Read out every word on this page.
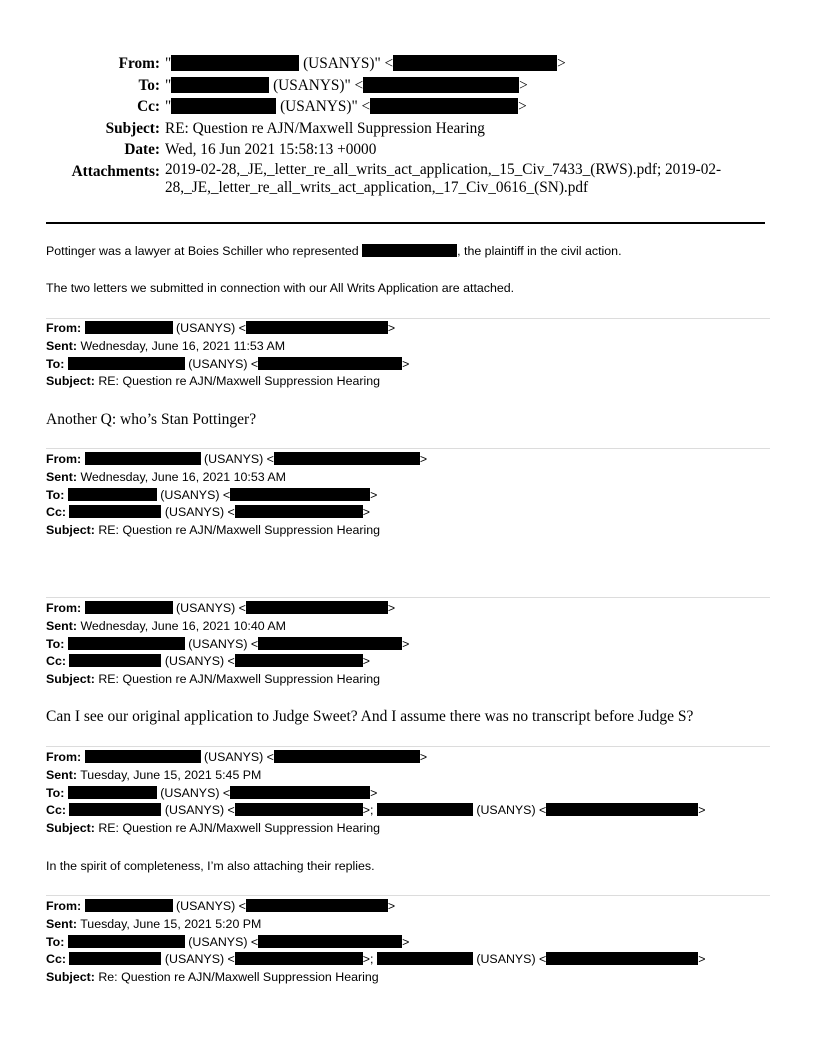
From: "	(USANYS)" <	>
To: "	(USANYS)" <	>
Cc: "	(USANYS)" <	>
Subject: RE: Question re AJN/Maxwell Suppression Hearing
Date: Wed, 16 Jun 2021 15:58:13 +0000
Attachments: 2019-02-28,_JE,_letter_re_all_writs_act_application,_15_Civ_7433_(RWS).pdf; 2019-02-
28,_JE,_letter_re_all_writs_act_application,_17_Civ_0616_(SN).pdf
Pottinger was a lawyer at Boies Schiller who represented	, the plaintiff in the civil action.
The two letters we submitted in connection with our All Writs Application are attached.
From:	(USANYS) <	>
Sent: Wednesday, June 16, 2021 11:53 AM
To:	(USANYS) <	>
Subject: RE: Question re AJN/Maxwell Suppression Hearing
Another Q: who’s Stan Pottinger?
From:	(USANYS) <	>
Sent: Wednesday, June 16, 2021 10:53 AM
To:	(USANYS) <	>
Cc:	(USANYS) <	>
Subject: RE: Question re AJN/Maxwell Suppression Hearing
From:	(USANYS) <	>
Sent: Wednesday, June 16, 2021 10:40 AM
To:	(USANYS) <	>
Cc:	(USANYS) <	>
Subject: RE: Question re AJN/Maxwell Suppression Hearing
Can I see our original application to Judge Sweet? And I assume there was no transcript before Judge S?
From:	(USANYS) <	>
Sent: Tuesday, June 15, 2021 5:45 PM
To:	(USANYS) <	>
Cc:	(USANYS) <	>;	(USANYS) <	>
Subject: RE: Question re AJN/Maxwell Suppression Hearing
In the spirit of completeness, I’m also attaching their replies.
From:	(USANYS) <	>
Sent: Tuesday, June 15, 2021 5:20 PM
To:	(USANYS) <	>
Cc:	(USANYS) <	>;	(USANYS) <	>
Subject: Re: Question re AJN/Maxwell Suppression Hearing
